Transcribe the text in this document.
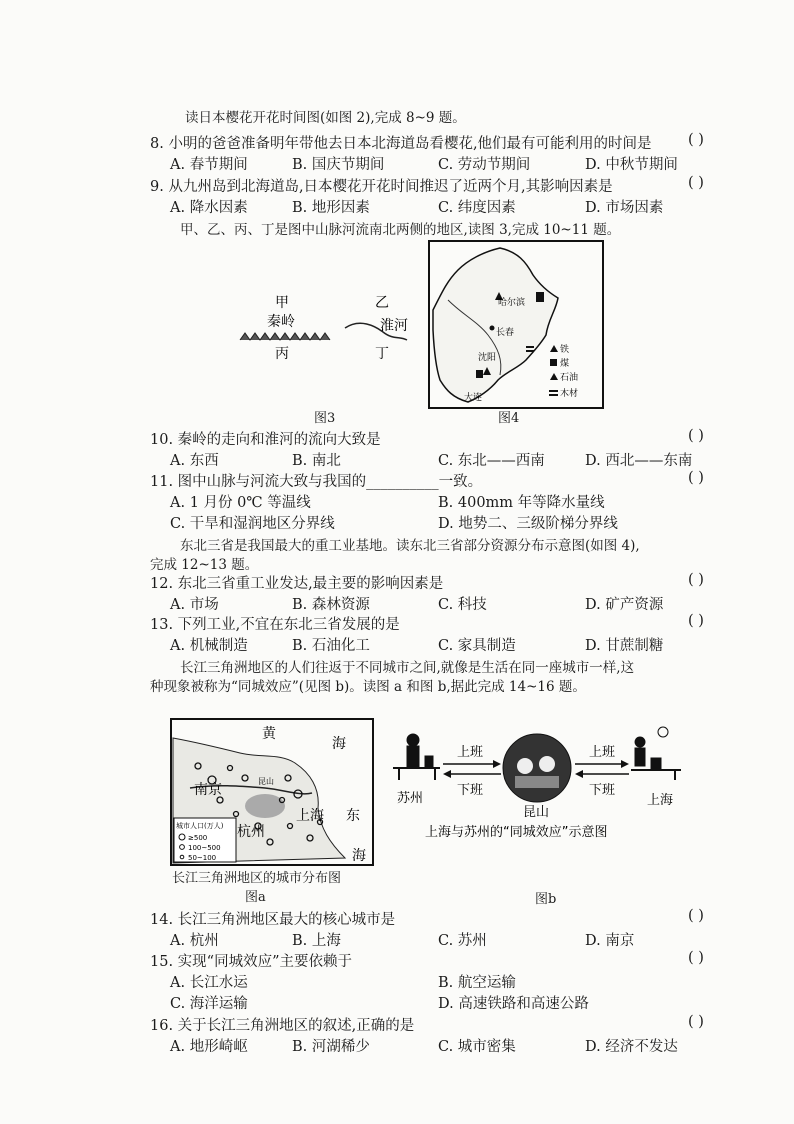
读日本樱花开花时间图(如图 2),完成 8~9 题。
8. 小明的爸爸准备明年带他去日本北海道岛看樱花,他们最有可能利用的时间是	( )
A. 春节期间	B. 国庆节期间	C. 劳动节期间	D. 中秋节期间
9. 从九州岛到北海道岛,日本樱花开花时间推迟了近两个月,其影响因素是	( )
A. 降水因素	B. 地形因素	C. 纬度因素	D. 市场因素
甲、乙、丙、丁是图中山脉河流南北两侧的地区,读图 3,完成 10~11 题。
甲
秦岭
丙
乙
淮河
丁
图3
哈尔滨
长春
沈阳
大连
铁
煤
石油
木材
图4
10. 秦岭的走向和淮河的流向大致是	( )
A. 东西	B. 南北	C. 东北——西南	D. 西北——东南
11. 图中山脉与河流大致与我国的__________一致。	( )
A. 1 月份 0℃ 等温线	B. 400mm 年等降水量线
C. 干旱和湿润地区分界线	D. 地势二、三级阶梯分界线
东北三省是我国最大的重工业基地。读东北三省部分资源分布示意图(如图 4),
完成 12~13 题。
12. 东北三省重工业发达,最主要的影响因素是	( )
A. 市场	B. 森林资源	C. 科技	D. 矿产资源
13. 下列工业,不宜在东北三省发展的是	( )
A. 机械制造	B. 石油化工	C. 家具制造	D. 甘蔗制糖
长江三角洲地区的人们往返于不同城市之间,就像是生活在同一座城市一样,这
种现象被称为“同城效应”(见图 b)。读图 a 和图 b,据此完成 14~16 题。
黄
海
南京
昆山
上海 东
杭州
海
城市人口(万人)
≥500
100~500
50~100
长江三角洲地区的城市分布图
图a
苏州
上班
下班
昆山
上班
下班
上海
上海与苏州的“同城效应”示意图
图b
14. 长江三角洲地区最大的核心城市是	( )
A. 杭州	B. 上海	C. 苏州	D. 南京
15. 实现“同城效应”主要依赖于	( )
A. 长江水运	B. 航空运输
C. 海洋运输	D. 高速铁路和高速公路
16. 关于长江三角洲地区的叙述,正确的是	( )
A. 地形崎岖	B. 河湖稀少	C. 城市密集	D. 经济不发达
